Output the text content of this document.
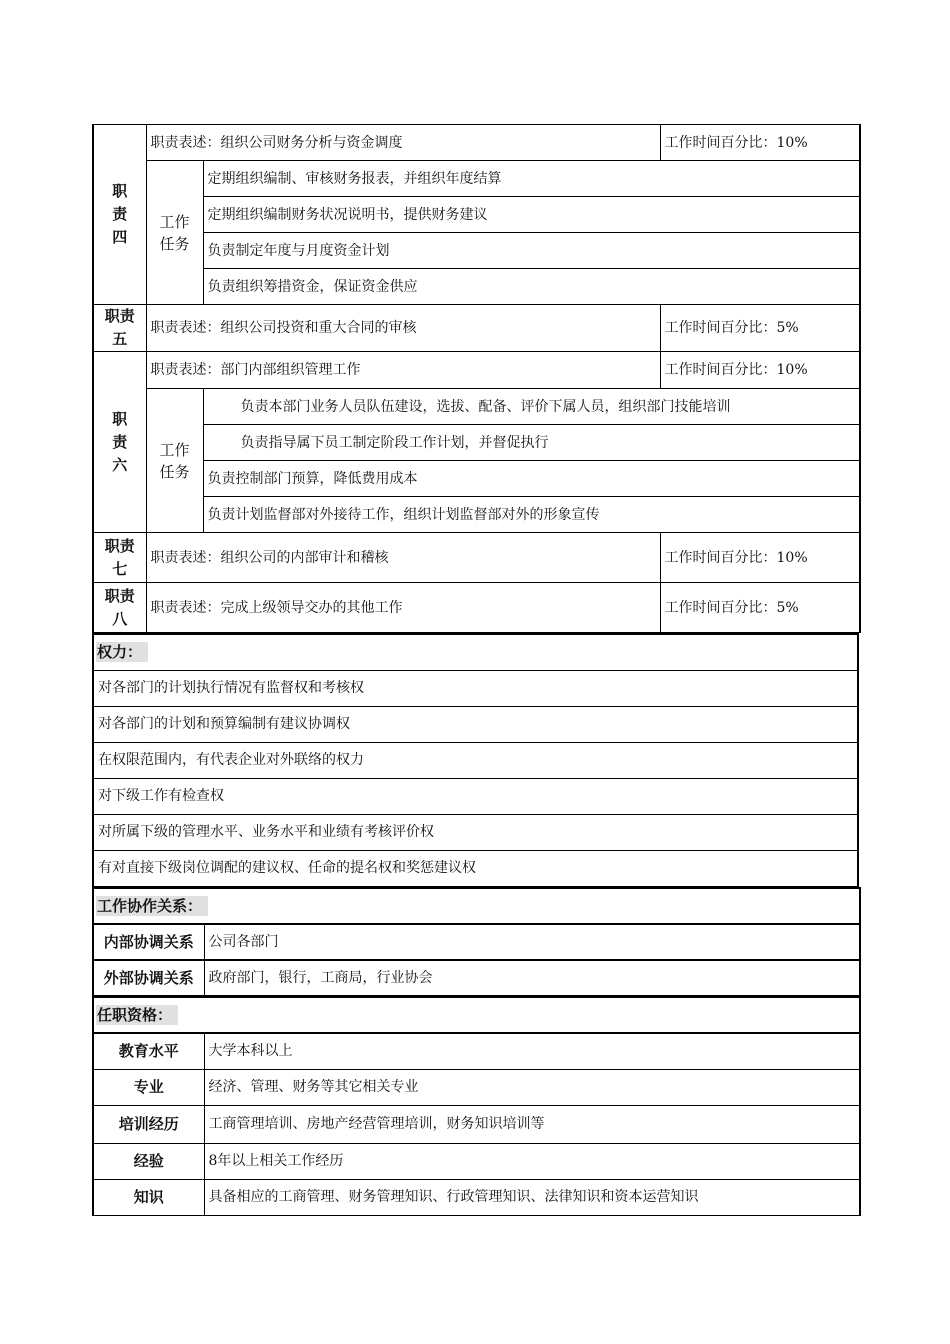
职
责
四	职责表述：组织公司财务分析与资金调度		工作时间百分比：10%
	工作
任务	定期组织编制、审核财务报表，并组织年度结算	
		定期组织编制财务状况说明书，提供财务建议	
		负责制定年度与月度资金计划	
		负责组织筹措资金，保证资金供应	
职责
五	职责表述：组织公司投资和重大合同的审核		工作时间百分比：5%
职
责
六	职责表述：部门内部组织管理工作		工作时间百分比：10%
	工作
任务	负责本部门业务人员队伍建设，选拔、配备、评价下属人员，组织部门技能培训	
		负责指导属下员工制定阶段工作计划，并督促执行	
		负责控制部门预算，降低费用成本	
		负责计划监督部对外接待工作，组织计划监督部对外的形象宣传	
职责
七	职责表述：组织公司的内部审计和稽核		工作时间百分比：10%
职责
八	职责表述：完成上级领导交办的其他工作		工作时间百分比：5%
权力：
对各部门的计划执行情况有监督权和考核权
对各部门的计划和预算编制有建议协调权
在权限范围内，有代表企业对外联络的权力
对下级工作有检查权
对所属下级的管理水平、业务水平和业绩有考核评价权
有对直接下级岗位调配的建议权、任命的提名权和奖惩建议权
工作协作关系：	
内部协调关系	公司各部门
外部协调关系	政府部门，银行，工商局，行业协会
任职资格：	
教育水平	大学本科以上
专业	经济、管理、财务等其它相关专业
培训经历	工商管理培训、房地产经营管理培训，财务知识培训等
经验	8年以上相关工作经历
知识	具备相应的工商管理、财务管理知识、行政管理知识、法律知识和资本运营知识
